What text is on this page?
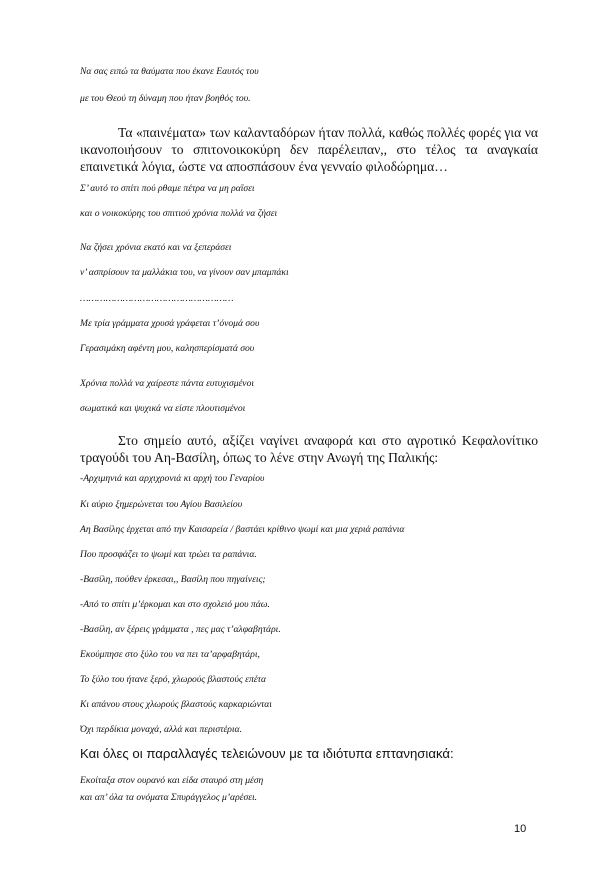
Να σας ειπώ τα θαύματα που έκανε Εαυτός του
με του Θεού τη δύναμη που ήταν βοηθός του.

Τα «παινέματα» των καλανταδόρων ήταν πολλά, καθώς πολλές φορές για να ικανοποιήσουν το σπιτονοικοκύρη δεν παρέλειπαν,, στο τέλος τα αναγκαία επαινετικά λόγια, ώστε να αποσπάσουν ένα γενναίο φιλοδώρημα…

Σ’ αυτό το σπίτι πού ρθαμε πέτρα να μη ραΐσει
και ο νοικοκύρης του σπιτιού χρόνια πολλά να ζήσει
Να ζήσει χρόνια εκατό και να ξεπεράσει
ν’ ασπρίσουν τα μαλλάκια του, να γίνουν σαν μπαμπάκι
………………………………………………
Με τρία γράμματα χρυσά γράφεται τ’όνομά σου
Γερασιμάκη αφέντη μου, καλησπερίσματά σου
Χρόνια πολλά να χαίρεστε πάντα ευτυχισμένοι
σωματικά και ψυχικά να είστε πλουτισμένοι

Στο σημείο αυτό, αξίζει ναγίνει αναφορά και στο αγροτικό Κεφαλονίτικο τραγούδι του Αη-Βασίλη, όπως το λένε στην Ανωγή της Παλικής:

-Αρχιμηνιά και αρχιχρονιά κι αρχή του Γεναρίου
Κι αύριο ξημερώνεται του Αγίου Βασιλείου
Αη Βασίλης έρχεται από την Καισαρεία / βαστάει κρίθινο ψωμί και μια χεριά ραπάνια
Που προσφάζει το ψωμί και τρώει τα ραπάνια.
-Βασίλη, πούθεν έρκεσαι,, Βασίλη που πηγαίνεις;
-Από το σπίτι μ’έρκομαι και στο σχολειό μου πάω.
-Βασίλη, αν ξέρεις γράμματα , πες μας τ’αλφαβητάρι.
Εκούμπησε στο ξύλο του να πει τα’αρφαβητάρι,
Το ξύλο του ήτανε ξερό, χλωρούς βλαστούς επέτα
Κι απάνου στους χλωρούς βλαστούς καρκαριώνται
Όχι περδίκια μοναχά, αλλά και περιστέρια.
Και όλες οι παραλλαγές τελειώνουν με τα ιδιότυπα επτανησιακά:
Εκοίταξα στον ουρανό και είδα σταυρό στη μέση
και απ’ όλα τα ονόματα Σπυράγγελος μ’αρέσει.
10
